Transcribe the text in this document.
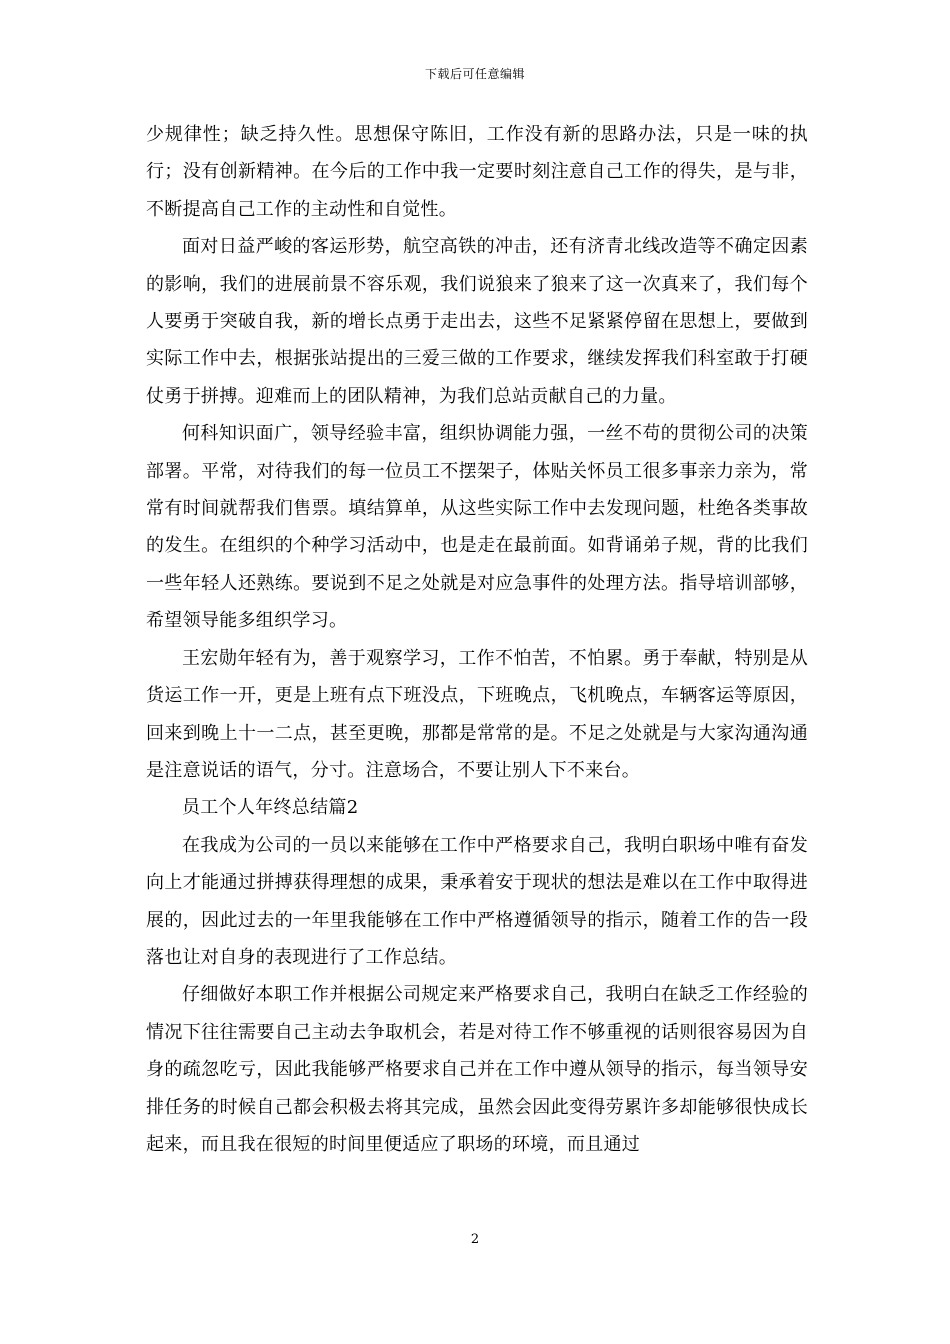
下载后可任意编辑

少规律性；缺乏持久性。思想保守陈旧，工作没有新的思路办法，只是一味的执行；没有创新精神。在今后的工作中我一定要时刻注意自己工作的得失，是与非，不断提高自己工作的主动性和自觉性。

面对日益严峻的客运形势，航空高铁的冲击，还有济青北线改造等不确定因素的影响，我们的进展前景不容乐观，我们说狼来了狼来了这一次真来了，我们每个人要勇于突破自我，新的增长点勇于走出去，这些不足紧紧停留在思想上，要做到实际工作中去，根据张站提出的三爱三做的工作要求，继续发挥我们科室敢于打硬仗勇于拼搏。迎难而上的团队精神，为我们总站贡献自己的力量。

何科知识面广，领导经验丰富，组织协调能力强，一丝不苟的贯彻公司的决策部署。平常，对待我们的每一位员工不摆架子，体贴关怀员工很多事亲力亲为，常常有时间就帮我们售票。填结算单，从这些实际工作中去发现问题，杜绝各类事故的发生。在组织的个种学习活动中，也是走在最前面。如背诵弟子规，背的比我们一些年轻人还熟练。要说到不足之处就是对应急事件的处理方法。指导培训部够，希望领导能多组织学习。

王宏勋年轻有为，善于观察学习，工作不怕苦，不怕累。勇于奉献，特别是从货运工作一开，更是上班有点下班没点，下班晚点，飞机晚点，车辆客运等原因，回来到晚上十一二点，甚至更晚，那都是常常的是。不足之处就是与大家沟通沟通是注意说话的语气，分寸。注意场合，不要让别人下不来台。

员工个人年终总结篇2

在我成为公司的一员以来能够在工作中严格要求自己，我明白职场中唯有奋发向上才能通过拼搏获得理想的成果，秉承着安于现状的想法是难以在工作中取得进展的，因此过去的一年里我能够在工作中严格遵循领导的指示，随着工作的告一段落也让对自身的表现进行了工作总结。

仔细做好本职工作并根据公司规定来严格要求自己，我明白在缺乏工作经验的情况下往往需要自己主动去争取机会，若是对待工作不够重视的话则很容易因为自身的疏忽吃亏，因此我能够严格要求自己并在工作中遵从领导的指示，每当领导安排任务的时候自己都会积极去将其完成，虽然会因此变得劳累许多却能够很快成长起来，而且我在很短的时间里便适应了职场的环境，而且通过

2
